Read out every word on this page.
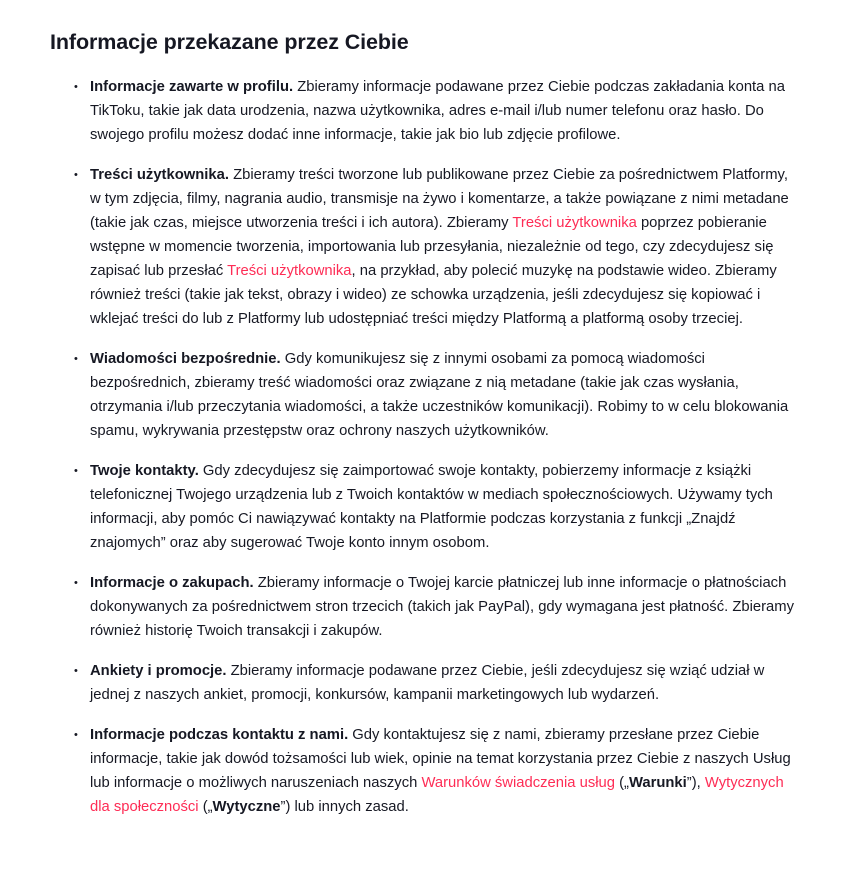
Informacje przekazane przez Ciebie
• Informacje zawarte w profilu. Zbieramy informacje podawane przez Ciebie podczas zakładania konta na TikToku, takie jak data urodzenia, nazwa użytkownika, adres e-mail i/lub numer telefonu oraz hasło. Do swojego profilu możesz dodać inne informacje, takie jak bio lub zdjęcie profilowe.
• Treści użytkownika. Zbieramy treści tworzone lub publikowane przez Ciebie za pośrednictwem Platformy, w tym zdjęcia, filmy, nagrania audio, transmisje na żywo i komentarze, a także powiązane z nimi metadane (takie jak czas, miejsce utworzenia treści i ich autora). Zbieramy Treści użytkownika poprzez pobieranie wstępne w momencie tworzenia, importowania lub przesyłania, niezależnie od tego, czy zdecydujesz się zapisać lub przesłać Treści użytkownika, na przykład, aby polecić muzykę na podstawie wideo. Zbieramy również treści (takie jak tekst, obrazy i wideo) ze schowka urządzenia, jeśli zdecydujesz się kopiować i wklejać treści do lub z Platformy lub udostępniać treści między Platformą a platformą osoby trzeciej.
• Wiadomości bezpośrednie. Gdy komunikujesz się z innymi osobami za pomocą wiadomości bezpośrednich, zbieramy treść wiadomości oraz związane z nią metadane (takie jak czas wysłania, otrzymania i/lub przeczytania wiadomości, a także uczestników komunikacji). Robimy to w celu blokowania spamu, wykrywania przestępstw oraz ochrony naszych użytkowników.
• Twoje kontakty. Gdy zdecydujesz się zaimportować swoje kontakty, pobierzemy informacje z książki telefonicznej Twojego urządzenia lub z Twoich kontaktów w mediach społecznościowych. Używamy tych informacji, aby pomóc Ci nawiązywać kontakty na Platformie podczas korzystania z funkcji „Znajdź znajomych” oraz aby sugerować Twoje konto innym osobom.
• Informacje o zakupach. Zbieramy informacje o Twojej karcie płatniczej lub inne informacje o płatnościach dokonywanych za pośrednictwem stron trzecich (takich jak PayPal), gdy wymagana jest płatność. Zbieramy również historię Twoich transakcji i zakupów.
• Ankiety i promocje. Zbieramy informacje podawane przez Ciebie, jeśli zdecydujesz się wziąć udział w jednej z naszych ankiet, promocji, konkursów, kampanii marketingowych lub wydarzeń.
• Informacje podczas kontaktu z nami. Gdy kontaktujesz się z nami, zbieramy przesłane przez Ciebie informacje, takie jak dowód tożsamości lub wiek, opinie na temat korzystania przez Ciebie z naszych Usług lub informacje o możliwych naruszeniach naszych Warunków świadczenia usług („Warunki”), Wytycznych dla społeczności („Wytyczne”) lub innych zasad.
